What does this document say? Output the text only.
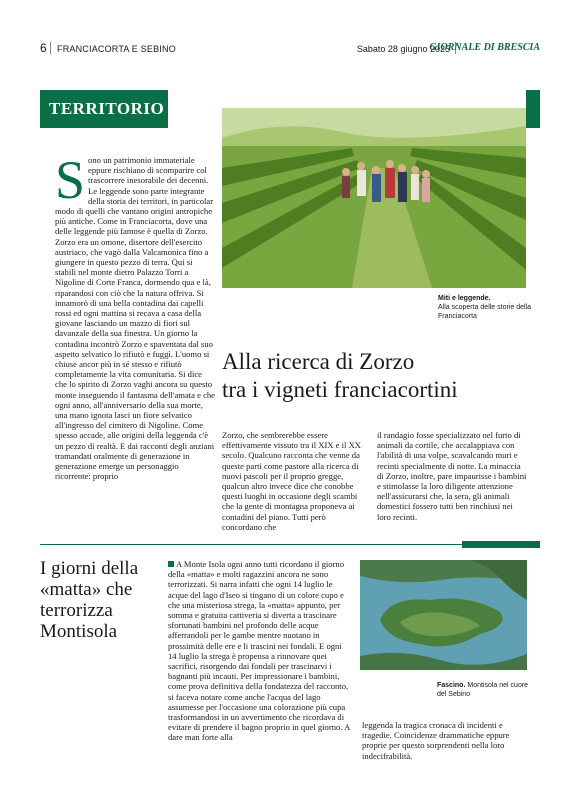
6 FRANCIACORTA E SEBINO	Sabato 28 giugno 2025
GIORNALE DI BRESCIA
TERRITORIO
Miti e leggende.
Alla scoperta delle storie della Franciacorta
Alla ricerca di Zorzo
tra i vigneti franciacortini
Sono un patrimonio immateriale eppure rischiano di scomparire col trascorrere inesorabile dei decenni. Le leggende sono parte integrante della storia dei territori, in particolar modo di quelli che vantano origini antropiche più antiche. Come in Franciacorta, dove una delle leggende più famose è quella di Zorzo. Zorzo era un omone, disertore dell'esercito austriaco, che vagò dalla Valcamonica fino a giungere in questo pezzo di terra. Qui si stabilì nel monte dietro Palazzo Torri a Nigoline di Corte Franca, dormendo qua e là, riparandosi con ciò che la natura offriva. Si innamorò di una bella contadina dai capelli rossi ed ogni mattina si recava a casa della giovane lasciando un mazzo di fiori sul davanzale della sua finestra. Un giorno la contadina incontrò Zorzo e spaventata dal suo aspetto selvatico lo rifiutò e fuggì. L'uomo si chiuse ancor più in sé stesso e rifiutò completamente la vita comunitaria. Si dice che lo spirito di Zorzo vaghi ancora su questo monte inseguendo il fantasma dell'amata e che ogni anno, all'anniversario della sua morte, una mano ignota lasci un fiore selvatico all'ingresso del cimitero di Nigoline. Come spesso accade, alle origini della leggenda c'è un pezzo di realtà. E dai racconti degli anziani tramandati oralmente di generazione in generazione emerge un personaggio ricorrente: proprio
Zorzo, che sembrerebbe essere effettivamente vissuto tra il XIX e il XX secolo. Qualcuno racconta che venne da queste parti come pastore alla ricerca di nuovi pascoli per il proprio gregge, qualcun altro invece dice che conobbe questi luoghi in occasione degli scambi che la gente di montagna proponeva ai contadini del piano. Tutti però concordano che
il randagio fosse specializzato nel furto di animali da cortile, che accalappiava con l'abilità di una volpe, scavalcando muri e recinti specialmente di notte. La minaccia di Zorzo, inoltre, pare impaurisse i bambini e stimolasse la loro diligente attenzione nell'assicurarsi che, la sera, gli animali domestici fossero tutti ben rinchiusi nei loro recinti.
I giorni della «matta» che terrorizza Montisola
A Monte Isola ogni anno tutti ricordano il giorno della «matta» e molti ragazzini ancora ne sono terrorizzati. Si narra infatti che ogni 14 luglio le acque del lago d'Iseo si tingano di un colore cupo e che una misteriosa strega, la «matta» appunto, per somma e gratuita cattiveria si diverta a trascinare sfortunati bambini nel profondo delle acque afferrandoli per le gambe mentre nuotano in prossimità delle ere e li trascini nei fondali. E ogni 14 luglio la strega è propensa a rinnovare quei sacrifici, risorgendo dai fondali per trascinarvi i bagnanti più incauti. Per impressionare i bambini, come prova definitiva della fondatezza del racconto, si faceva notare come anche l'acqua del lago assumesse per l'occasione una colorazione più cupa trasformandosi in un avvertimento che ricordava di evitare di prendere il bagno proprio in quel giorno. A dare man forte alla
Fascino. Montisola nel cuore del Sebino
leggenda la tragica cronaca di incidenti e tragedie. Coincidenze drammatiche eppure proprie per questo sorprendenti nella loro indecifrabilità.
